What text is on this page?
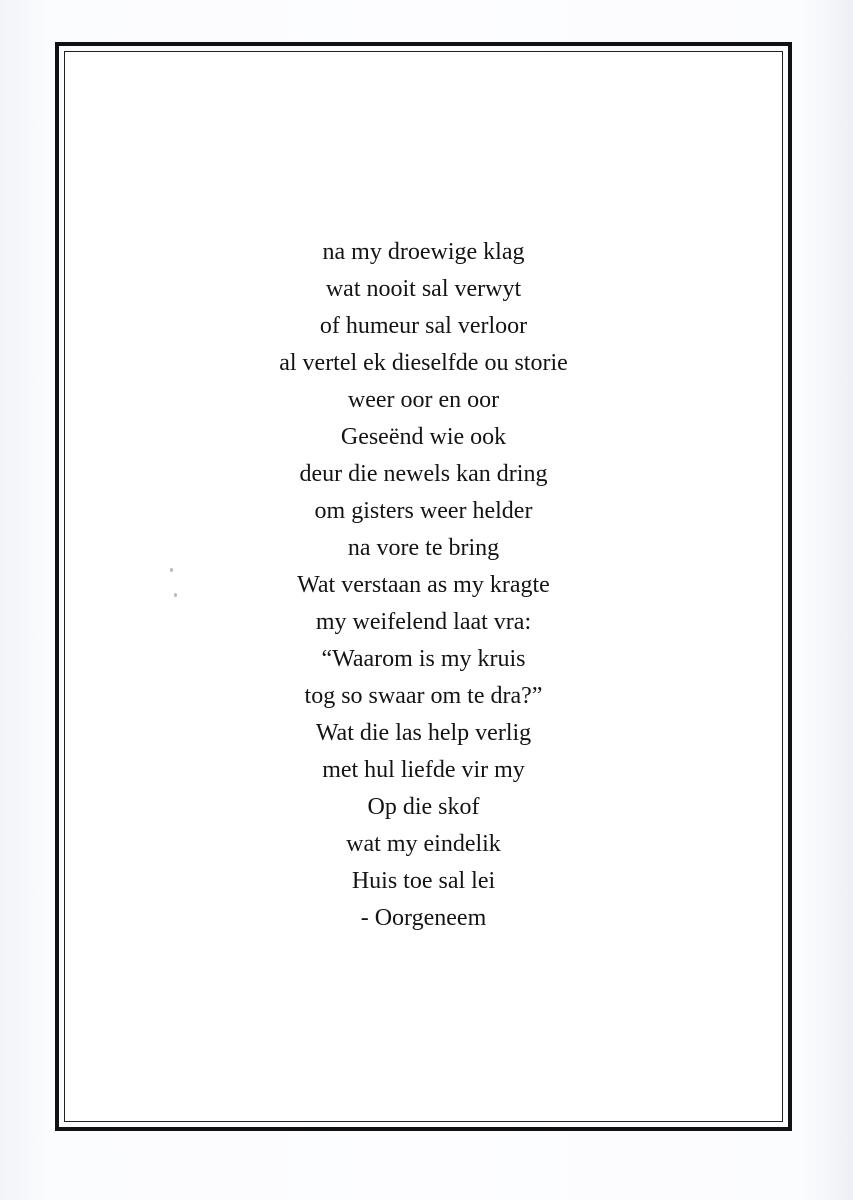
na my droewige klag
wat nooit sal verwyt
of humeur sal verloor
al vertel ek dieselfde ou storie
weer oor en oor
Geseënd wie ook
deur die newels kan dring
om gisters weer helder
na vore te bring
Wat verstaan as my kragte
my weifelend laat vra:
“Waarom is my kruis
tog so swaar om te dra?”
Wat die las help verlig
met hul liefde vir my
Op die skof
wat my eindelik
Huis toe sal lei
- Oorgeneem
